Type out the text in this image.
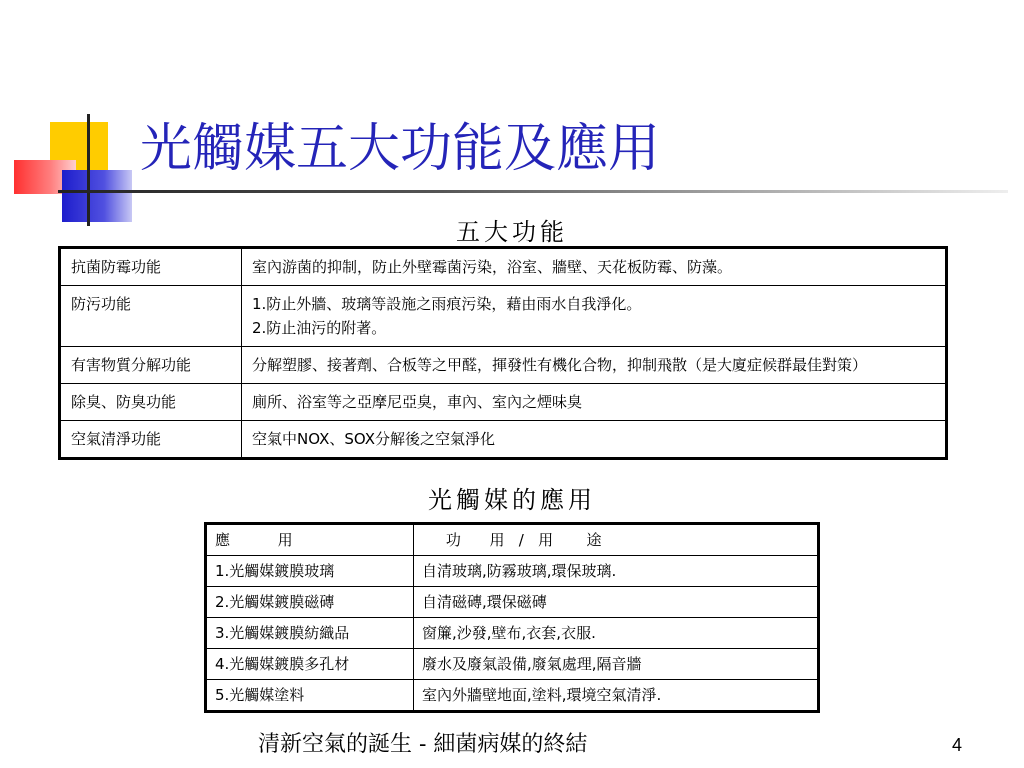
光觸媒五大功能及應用
五大功能
抗菌防霉功能	室內游菌的抑制，防止外壁霉菌污染，浴室、牆壁、天花板防霉、防藻。

防污功能	1.防止外牆、玻璃等設施之雨痕污染，藉由雨水自我淨化。
2.防止油污的附著。

有害物質分解功能	分解塑膠、接著劑、合板等之甲醛，揮發性有機化合物，抑制飛散（是大廈症候群最佳對策）

除臭、防臭功能	廁所、浴室等之亞摩尼亞臭，車內、室內之煙味臭

空氣清淨功能	空氣中NOX、SOX分解後之空氣淨化
光觸媒的應用
應          用	功      用   /   用       途
1.光觸媒鍍膜玻璃	自清玻璃,防霧玻璃,環保玻璃.
2.光觸媒鍍膜磁磚	自清磁磚,環保磁磚
3.光觸媒鍍膜紡織品	窗簾,沙發,壁布,衣套,衣服.
4.光觸媒鍍膜多孔材	廢水及廢氣設備,廢氣處理,隔音牆
5.光觸媒塗料	室內外牆壁地面,塗料,環境空氣清淨.
清新空氣的誕生 - 細菌病媒的終結	4
